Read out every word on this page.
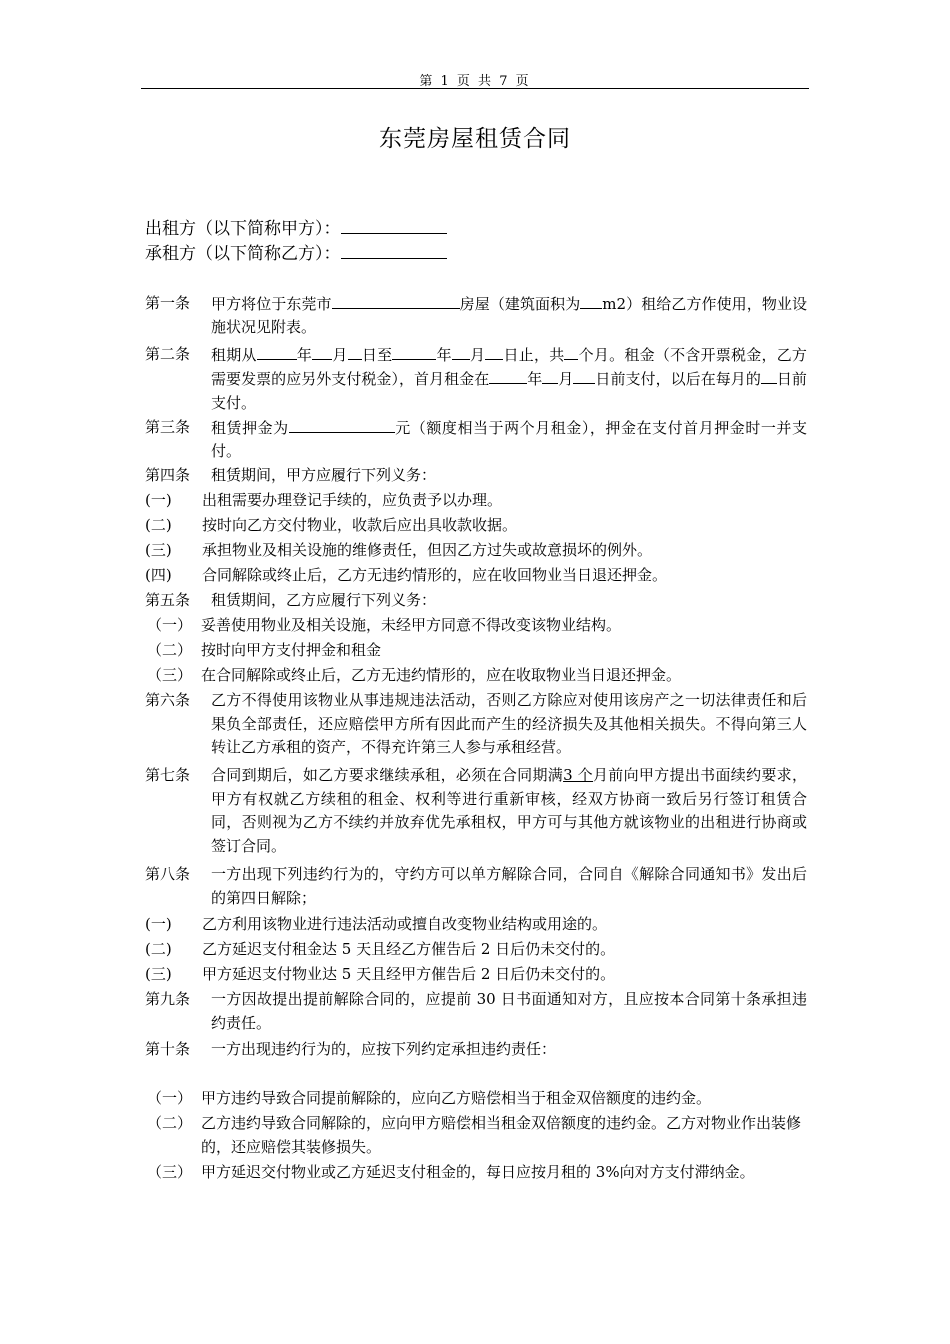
第 1 页 共 7 页
东莞房屋租赁合同
出租方（以下简称甲方）：
承租方（以下简称乙方）：
第一条 甲方将位于东莞市	房屋（建筑面积为 m2）租给乙方作使用，物业设施状况见附表。
第二条 租期从	年 月 日至	年 月 日止，共 个月。租金（不含开票税金，乙方需要发票的应另外支付税金），首月租金在	年 月 日前支付，以后在每月的 日前支付。
第三条 租赁押金为	元（额度相当于两个月租金），押金在支付首月押金时一并支付。
第四条 租赁期间，甲方应履行下列义务：
(一) 出租需要办理登记手续的，应负责予以办理。
(二) 按时向乙方交付物业，收款后应出具收款收据。
(三) 承担物业及相关设施的维修责任，但因乙方过失或故意损坏的例外。
(四) 合同解除或终止后，乙方无违约情形的，应在收回物业当日退还押金。
第五条 租赁期间，乙方应履行下列义务：
（一） 妥善使用物业及相关设施，未经甲方同意不得改变该物业结构。
（二） 按时向甲方支付押金和租金
（三） 在合同解除或终止后，乙方无违约情形的，应在收取物业当日退还押金。
第六条 乙方不得使用该物业从事违规违法活动，否则乙方除应对使用该房产之一切法律责任和后果负全部责任，还应赔偿甲方所有因此而产生的经济损失及其他相关损失。不得向第三人转让乙方承租的资产，不得充许第三人参与承租经营。
第七条 合同到期后，如乙方要求继续承租，必须在合同期满3 个月前向甲方提出书面续约要求，甲方有权就乙方续租的租金、权利等进行重新审核，经双方协商一致后另行签订租赁合同，否则视为乙方不续约并放弃优先承租权，甲方可与其他方就该物业的出租进行协商或签订合同。
第八条 一方出现下列违约行为的，守约方可以单方解除合同，合同自《解除合同通知书》发出后的第四日解除；
(一) 乙方利用该物业进行违法活动或擅自改变物业结构或用途的。
(二) 乙方延迟支付租金达 5 天且经乙方催告后 2 日后仍未交付的。
(三) 甲方延迟支付物业达 5 天且经甲方催告后 2 日后仍未交付的。
第九条 一方因故提出提前解除合同的，应提前 30 日书面通知对方，且应按本合同第十条承担违约责任。
第十条 一方出现违约行为的，应按下列约定承担违约责任：
（一） 甲方违约导致合同提前解除的，应向乙方赔偿相当于租金双倍额度的违约金。
（二） 乙方违约导致合同解除的，应向甲方赔偿相当租金双倍额度的违约金。乙方对物业作出装修的，还应赔偿其装修损失。
（三） 甲方延迟交付物业或乙方延迟支付租金的，每日应按月租的 3%向对方支付滞纳金。
